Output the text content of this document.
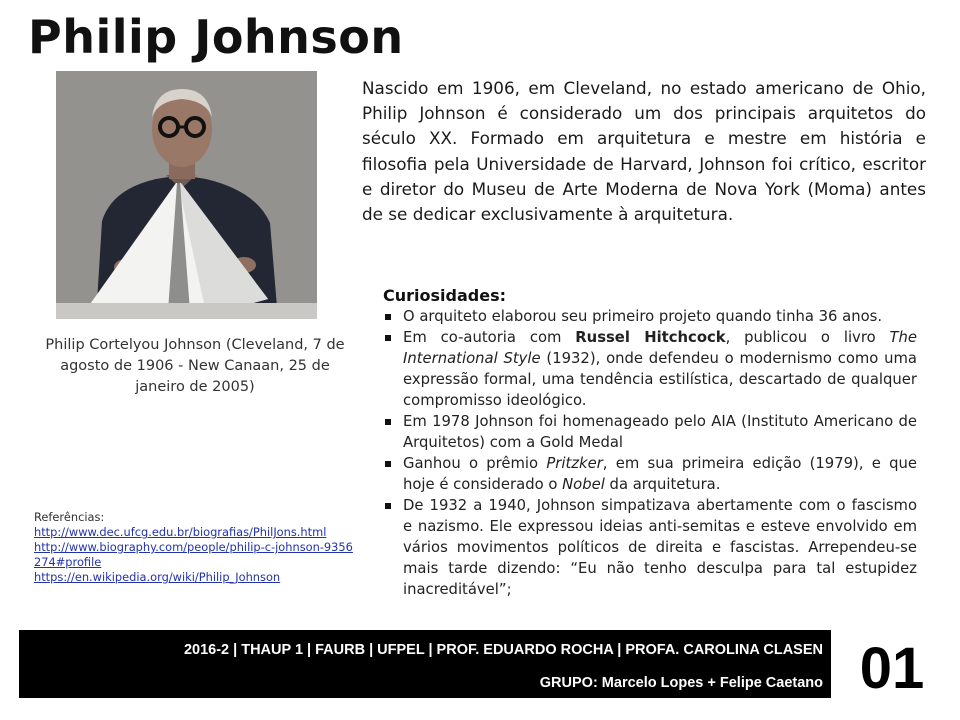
Philip Johnson
Philip Cortelyou Johnson (Cleveland, 7 de agosto de 1906 - New Canaan, 25 de janeiro de 2005)

Nascido em 1906, em Cleveland, no estado americano de Ohio, Philip Johnson é considerado um dos principais arquitetos do século XX. Formado em arquitetura e mestre em história e filosofia pela Universidade de Harvard, Johnson foi crítico, escritor e diretor do Museu de Arte Moderna de Nova York (Moma) antes de se dedicar exclusivamente à arquitetura.

Curiosidades:
O arquiteto elaborou seu primeiro projeto quando tinha 36 anos.
Em co-autoria com Russel Hitchcock, publicou o livro The International Style (1932), onde defendeu o modernismo como uma expressão formal, uma tendência estilística, descartado de qualquer compromisso ideológico.
Em 1978 Johnson foi homenageado pelo AIA (Instituto Americano de Arquitetos) com a Gold Medal
Ganhou o prêmio Pritzker, em sua primeira edição (1979), e que hoje é considerado o Nobel da arquitetura.
De 1932 a 1940, Johnson simpatizava abertamente com o fascismo e nazismo. Ele expressou ideias anti-semitas e esteve envolvido em vários movimentos políticos de direita e fascistas. Arrependeu-se mais tarde dizendo: “Eu não tenho desculpa para tal estupidez inacreditável”;
Referências:
http://www.dec.ufcg.edu.br/biografias/PhilJons.html
http://www.biography.com/people/philip-c-johnson-9356274#profile
https://en.wikipedia.org/wiki/Philip_Johnson
2016-2 | THAUP 1 | FAURB | UFPEL | PROF. EDUARDO ROCHA | PROFA. CAROLINA CLASEN
GRUPO: Marcelo Lopes + Felipe Caetano 01
